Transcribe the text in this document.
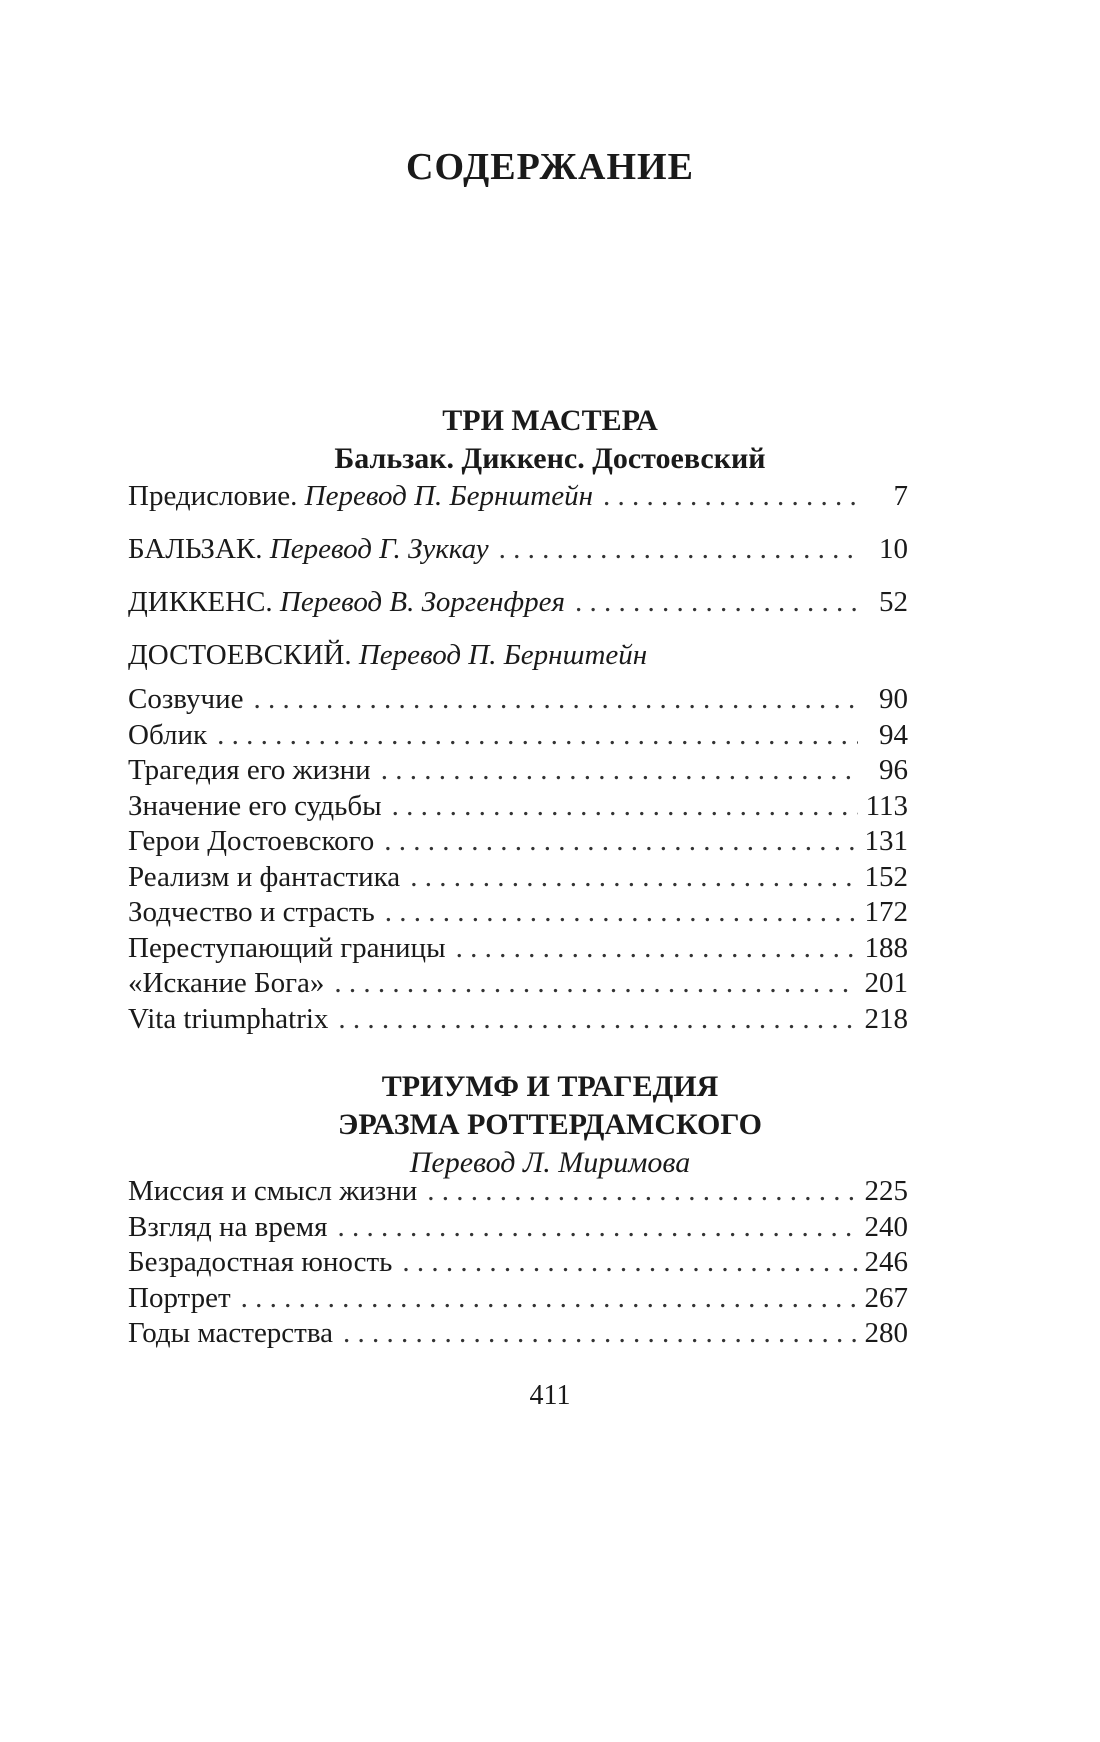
СОДЕРЖАНИЕ
ТРИ МАСТЕРА
Бальзак. Диккенс. Достоевский
Предисловие. Перевод П. Бернштейн . . .	7
БАЛЬЗАК. Перевод Г. Зуккау . . .	10
ДИККЕНС. Перевод В. Зоргенфрея . . .	52
ДОСТОЕВСКИЙ. Перевод П. Бернштейн
Созвучие . . .	90
Облик . . .	94
Трагедия его жизни . . .	96
Значение его судьбы . . .	113
Герои Достоевского . . .	131
Реализм и фантастика . . .	152
Зодчество и страсть . . .	172
Переступающий границы . . .	188
«Искание Бога» . . .	201
Vita triumphatrix . . .	218
ТРИУМФ И ТРАГЕДИЯ
ЭРАЗМА РОТТЕРДАМСКОГО
Перевод Л. Миримова
Миссия и смысл жизни . . .	225
Взгляд на время . . .	240
Безрадостная юность . . .	246
Портрет . . .	267
Годы мастерства . . .	280
411
